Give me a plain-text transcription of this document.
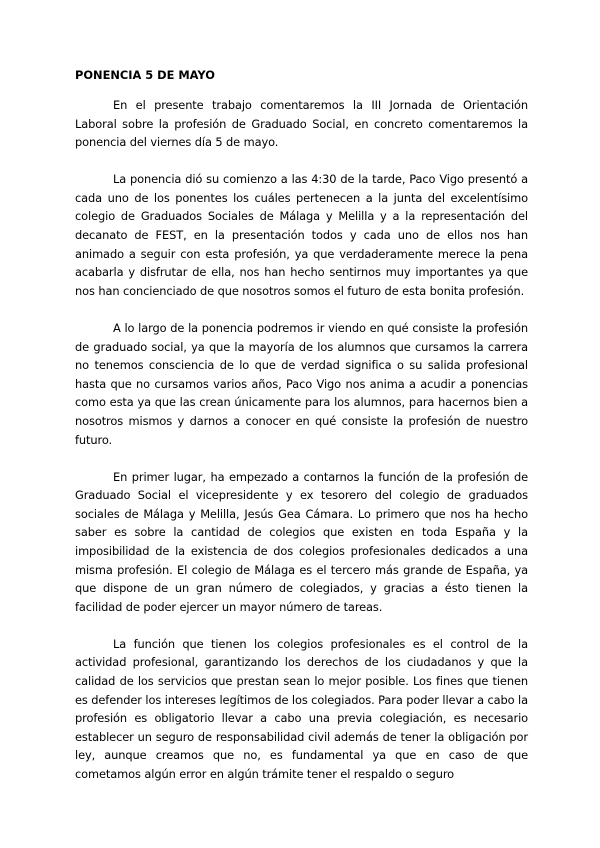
PONENCIA 5 DE MAYO

En el presente trabajo comentaremos la III Jornada de Orientación Laboral sobre la profesión de Graduado Social, en concreto comentaremos la ponencia del viernes día 5 de mayo.

La ponencia dió su comienzo a las 4:30 de la tarde, Paco Vigo presentó a cada uno de los ponentes los cuáles pertenecen a la junta del excelentísimo colegio de Graduados Sociales de Málaga y Melilla y a la representación del decanato de FEST, en la presentación todos y cada uno de ellos nos han animado a seguir con esta profesión, ya que verdaderamente merece la pena acabarla y disfrutar de ella, nos han hecho sentirnos muy importantes ya que nos han concienciado de que nosotros somos el futuro de esta bonita profesión.

A lo largo de la ponencia podremos ir viendo en qué consiste la profesión de graduado social, ya que la mayoría de los alumnos que cursamos la carrera no tenemos consciencia de lo que de verdad significa o su salida profesional hasta que no cursamos varios años, Paco Vigo nos anima a acudir a ponencias como esta ya que las crean únicamente para los alumnos, para hacernos bien a nosotros mismos y darnos a conocer en qué consiste la profesión de nuestro futuro.

En primer lugar, ha empezado a contarnos la función de la profesión de Graduado Social el vicepresidente y ex tesorero del colegio de graduados sociales de Málaga y Melilla, Jesús Gea Cámara. Lo primero que nos ha hecho saber es sobre la cantidad de colegios que existen en toda España y la imposibilidad de la existencia de dos colegios profesionales dedicados a una misma profesión. El colegio de Málaga es el tercero más grande de España, ya que dispone de un gran número de colegiados, y gracias a ésto tienen la facilidad de poder ejercer un mayor número de tareas.

La función que tienen los colegios profesionales es el control de la actividad profesional, garantizando los derechos de los ciudadanos y que la calidad de los servicios que prestan sean lo mejor posible. Los fines que tienen es defender los intereses legítimos de los colegiados. Para poder llevar a cabo la profesión es obligatorio llevar a cabo una previa colegiación, es necesario establecer un seguro de responsabilidad civil además de tener la obligación por ley, aunque creamos que no, es fundamental ya que en caso de que cometamos algún error en algún trámite tener el respaldo o seguro
